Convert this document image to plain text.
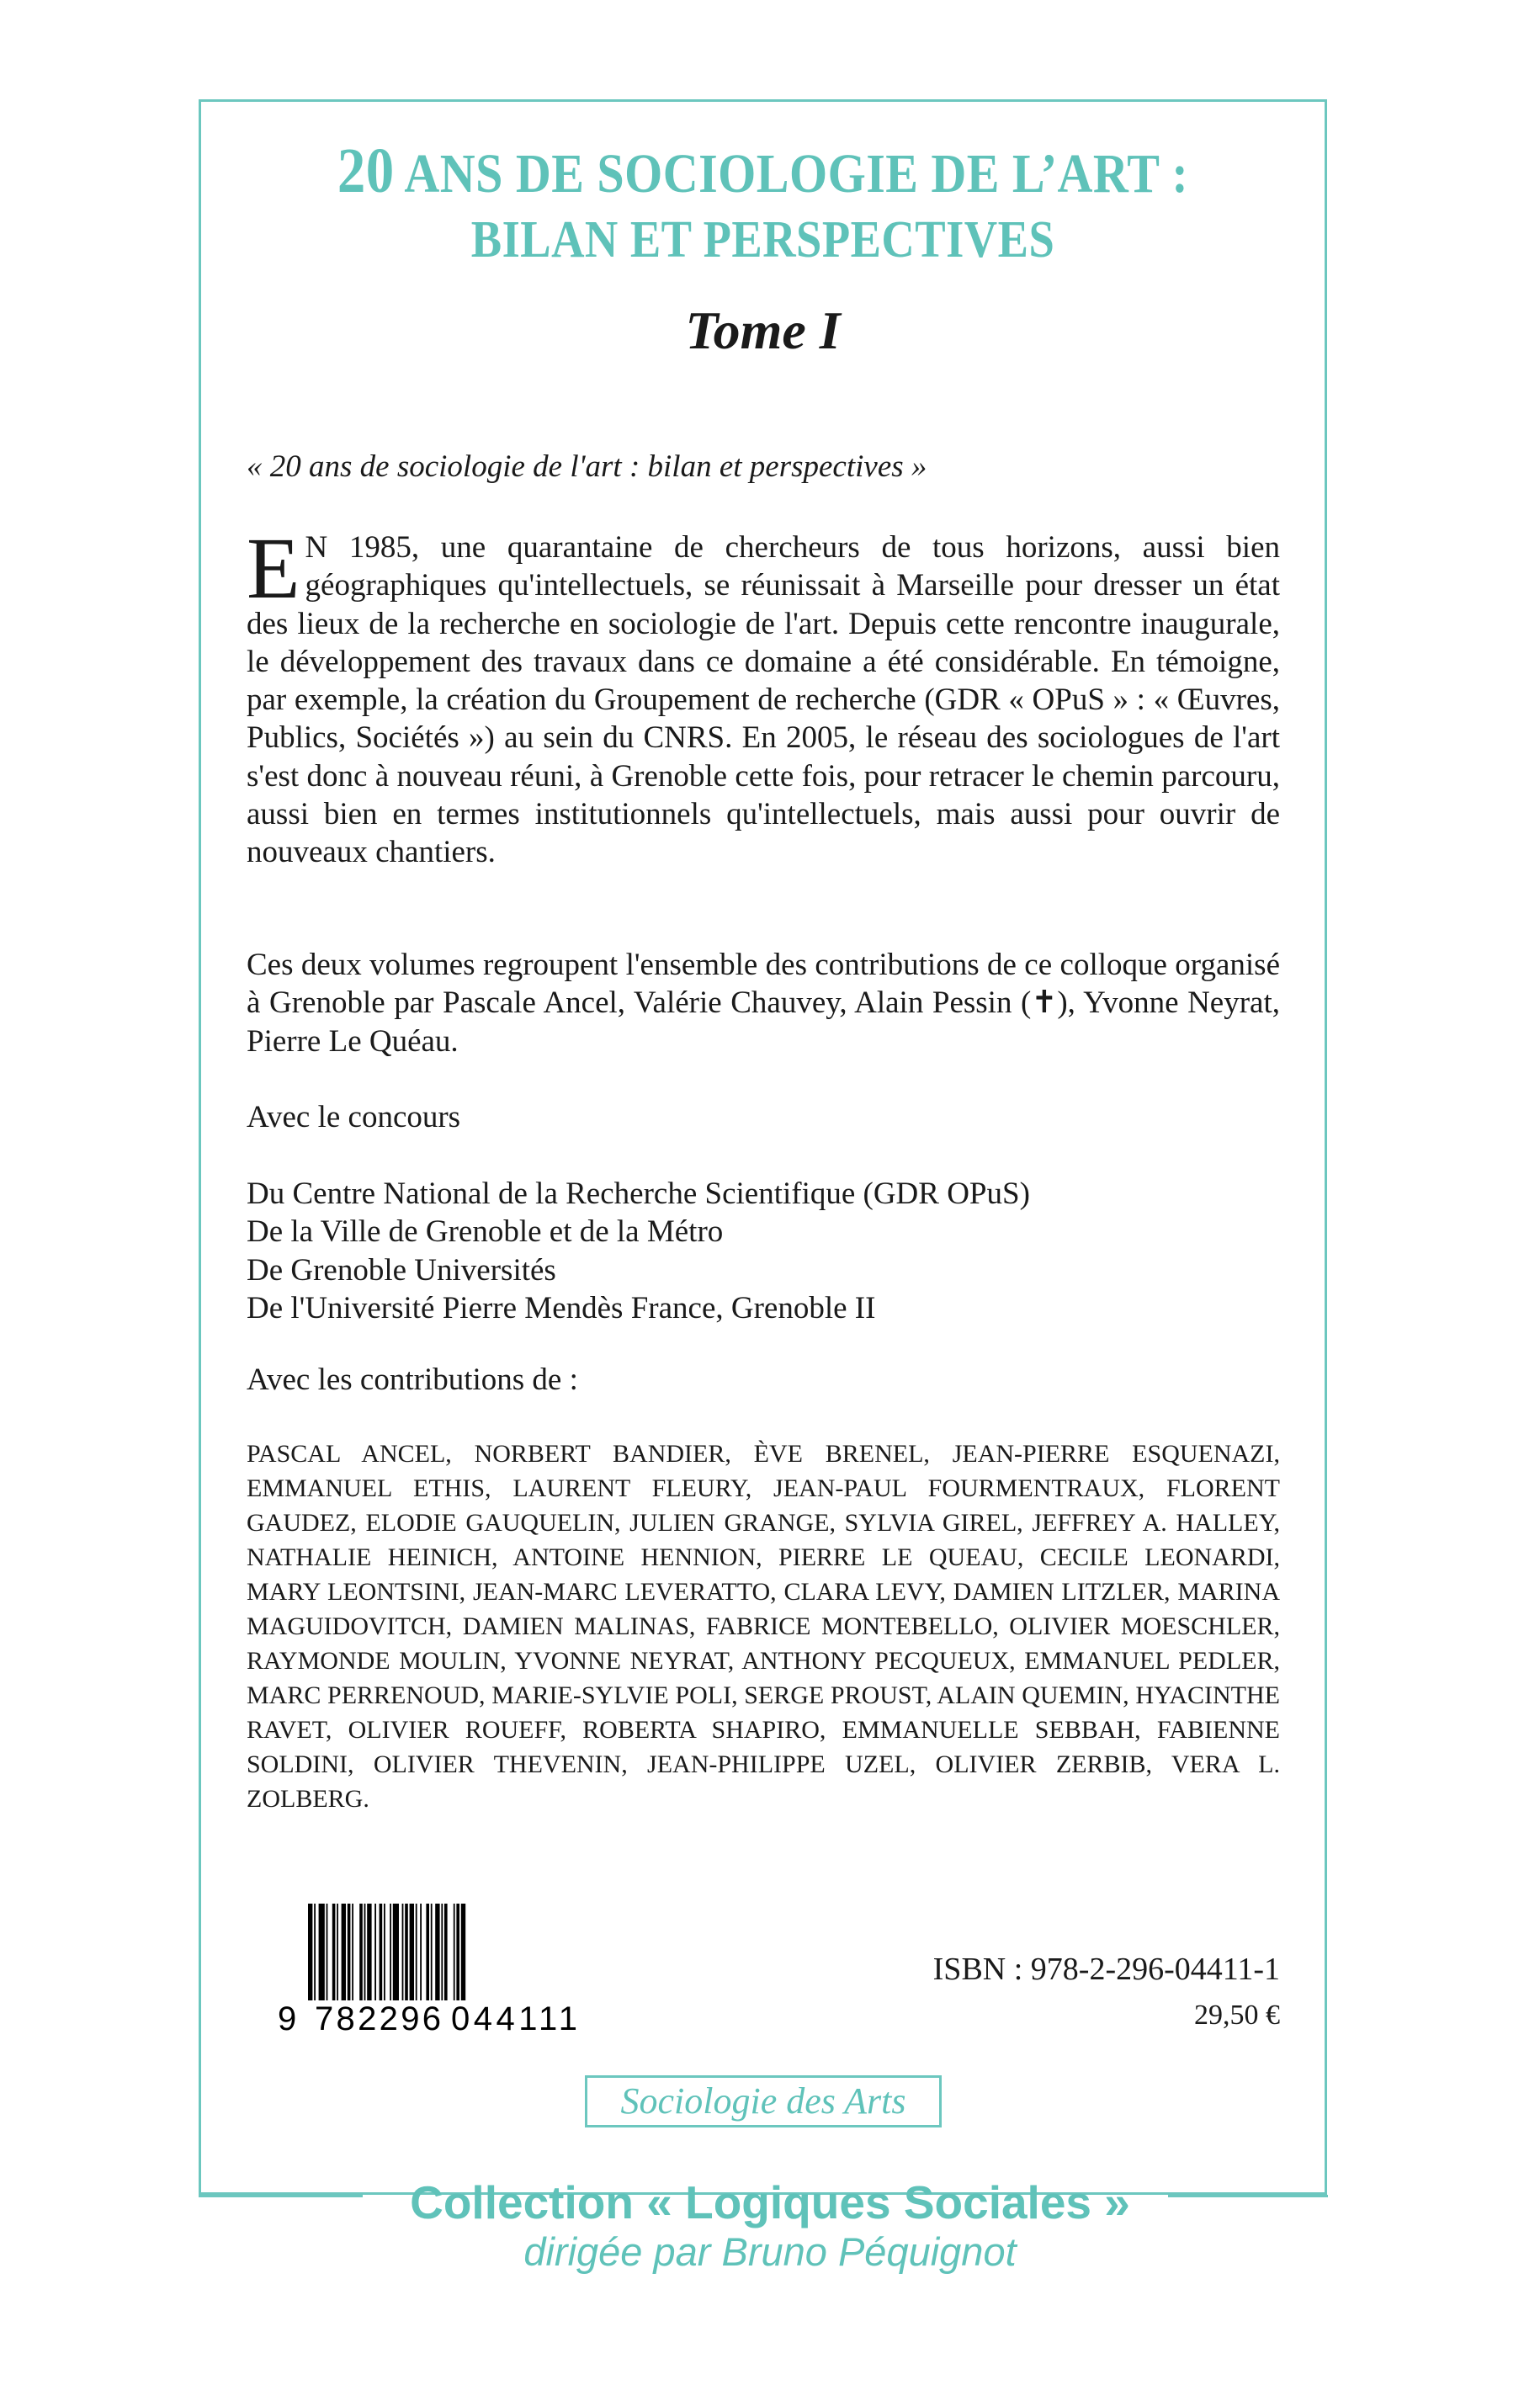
20 ANS DE SOCIOLOGIE DE L’ART :
BILAN ET PERSPECTIVES
Tome I
« 20 ans de sociologie de l'art : bilan et perspectives »
E N 1985, une quarantaine de chercheurs de tous horizons, aussi bien géographiques qu'intellectuels, se réunissait à Marseille pour dresser un état des lieux de la recherche en sociologie de l'art. Depuis cette rencontre inaugurale, le développement des travaux dans ce domaine a été considérable. En témoigne, par exemple, la création du Groupement de recherche (GDR « OPuS » : « Œuvres, Publics, Sociétés ») au sein du CNRS. En 2005, le réseau des sociologues de l'art s'est donc à nouveau réuni, à Grenoble cette fois, pour retracer le chemin parcouru, aussi bien en termes institutionnels qu'intellectuels, mais aussi pour ouvrir de nouveaux chantiers.
Ces deux volumes regroupent l'ensemble des contributions de ce colloque organisé à Grenoble par Pascale Ancel, Valérie Chauvey, Alain Pessin (✝), Yvonne Neyrat, Pierre Le Quéau.
Avec le concours
Du Centre National de la Recherche Scientifique (GDR OPuS)
De la Ville de Grenoble et de la Métro
De Grenoble Universités
De l'Université Pierre Mendès France, Grenoble II
Avec les contributions de :
PASCAL ANCEL, NORBERT BANDIER, ÈVE BRENEL, JEAN-PIERRE ESQUENAZI, EMMANUEL ETHIS, LAURENT FLEURY, JEAN-PAUL FOURMENTRAUX, FLORENT GAUDEZ, ELODIE GAUQUELIN, JULIEN GRANGE, SYLVIA GIREL, JEFFREY A. HALLEY, NATHALIE HEINICH, ANTOINE HENNION, PIERRE LE QUEAU, CECILE LEONARDI, MARY LEONTSINI, JEAN-MARC LEVERATTO, CLARA LEVY, DAMIEN LITZLER, MARINA MAGUIDOVITCH, DAMIEN MALINAS, FABRICE MONTEBELLO, OLIVIER MOESCHLER, RAYMONDE MOULIN, YVONNE NEYRAT, ANTHONY PECQUEUX, EMMANUEL PEDLER, MARC PERRENOUD, MARIE-SYLVIE POLI, SERGE PROUST, ALAIN QUEMIN, HYACINTHE RAVET, OLIVIER ROUEFF, ROBERTA SHAPIRO, EMMANUELLE SEBBAH, FABIENNE SOLDINI, OLIVIER THEVENIN, JEAN-PHILIPPE UZEL, OLIVIER ZERBIB, VERA L. ZOLBERG.
9 782296 044111
ISBN : 978-2-296-04411-1
29,50 €
Sociologie des Arts
Collection « Logiques Sociales »
dirigée par Bruno Péquignot
